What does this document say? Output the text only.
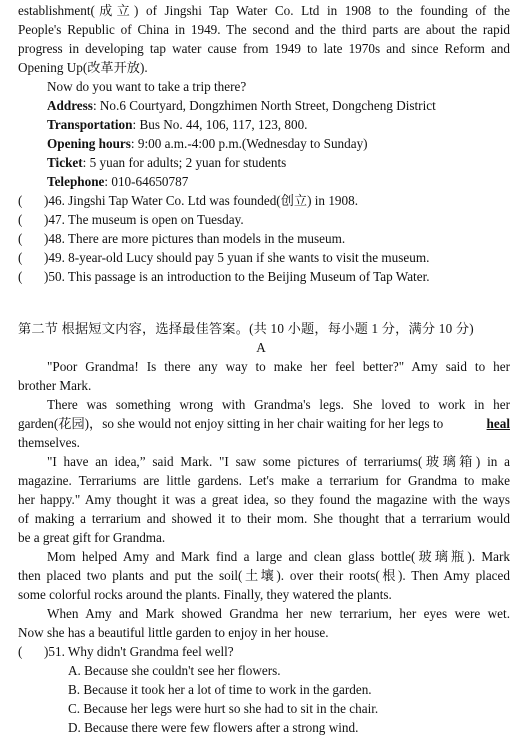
establishment(成立) of Jingshi Tap Water Co. Ltd in 1908 to the founding of the
People's Republic of China in 1949. The second and the third parts are about the rapid
progress in developing tap water cause from 1949 to late 1970s and since Reform and
Opening Up(改革开放).
Now do you want to take a trip there?
Address: No.6 Courtyard, Dongzhimen North Street, Dongcheng District
Transportation: Bus No. 44, 106, 117, 123, 800.
Opening hours: 9:00 a.m.-4:00 p.m.(Wednesday to Sunday)
Ticket: 5 yuan for adults; 2 yuan for students
Telephone: 010-64650787
( )46. Jingshi Tap Water Co. Ltd was founded(创立) in 1908.
( )47. The museum is open on Tuesday.
( )48. There are more pictures than models in the museum.
( )49. 8-year-old Lucy should pay 5 yuan if she wants to visit the museum.
( )50. This passage is an introduction to the Beijing Museum of Tap Water.
第二节 根据短文内容，选择最佳答案。(共 10 小题，每小题 1 分，满分 10 分)
A
"Poor Grandma! Is there any way to make her feel better?" Amy said to her
brother Mark.
There was something wrong with Grandma's legs. She loved to work in her
garden(花园)，so she would not enjoy sitting in her chair waiting for her legs to	heal
themselves.
"I have an idea,” said Mark. "I saw some pictures of terrariums(玻璃箱) in a
magazine. Terrariums are little gardens. Let's make a terrarium for Grandma to make
her happy." Amy thought it was a great idea, so they found the magazine with the ways
of making a terrarium and showed it to their mom. She thought that a terrarium would
be a great gift for Grandma.
Mom helped Amy and Mark find a large and clean glass bottle(玻璃瓶). Mark
then placed two plants and put the soil(土壤). over their roots(根). Then Amy placed
some colorful rocks around the plants. Finally, they watered the plants.
When Amy and Mark showed Grandma her new terrarium, her eyes were wet.
Now she has a beautiful little garden to enjoy in her house.
( )51. Why didn't Grandma feel well?
A. Because she couldn't see her flowers.
B. Because it took her a lot of time to work in the garden.
C. Because her legs were hurt so she had to sit in the chair.
D. Because there were few flowers after a strong wind.
